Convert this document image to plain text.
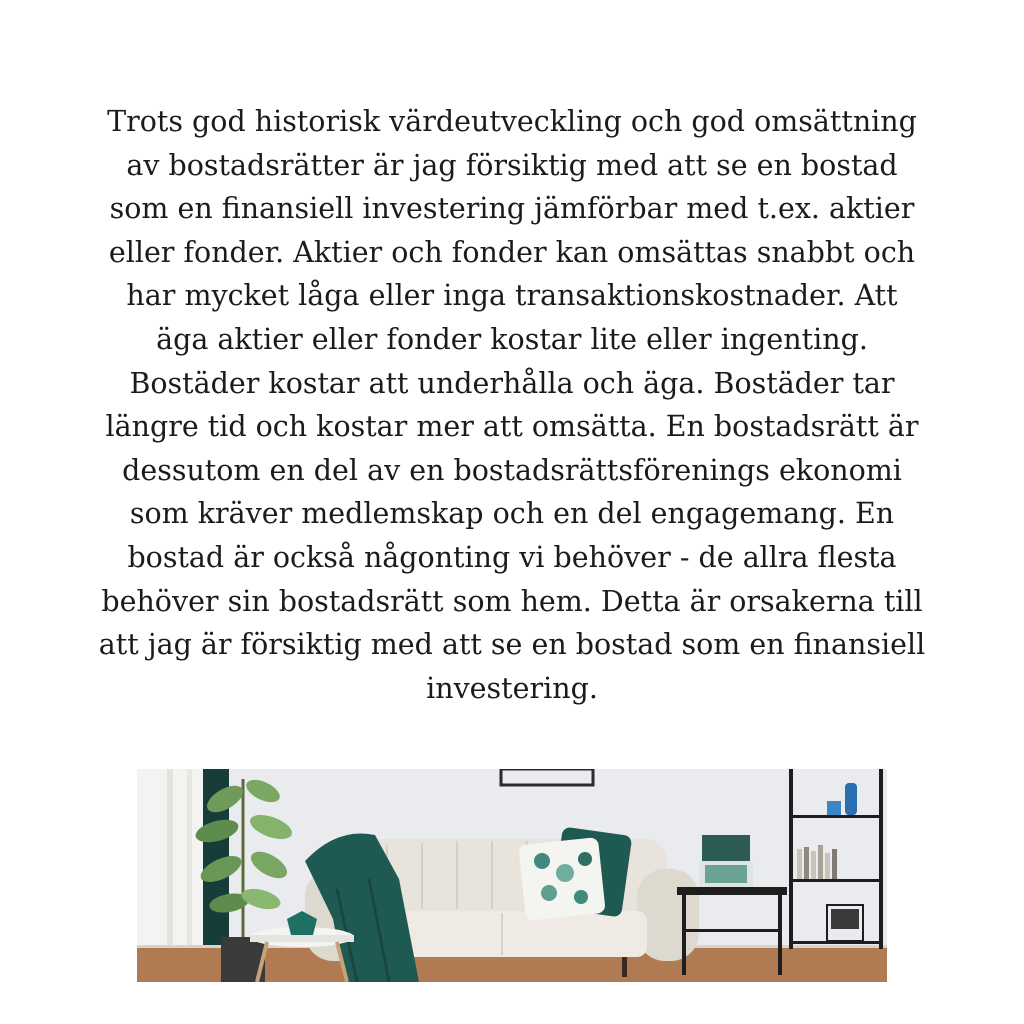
Trots god historisk värdeutveckling och god omsättning av bostadsrätter är jag försiktig med att se en bostad som en finansiell investering jämförbar med t.ex. aktier eller fonder. Aktier och fonder kan omsättas snabbt och har mycket låga eller inga transaktionskostnader. Att äga aktier eller fonder kostar lite eller ingenting. Bostäder kostar att underhålla och äga. Bostäder tar längre tid och kostar mer att omsätta. En bostadsrätt är dessutom en del av en bostadsrättsförenings ekonomi som kräver medlemskap och en del engagemang. En bostad är också någonting vi behöver - de allra flesta behöver sin bostadsrätt som hem. Detta är orsakerna till att jag är försiktig med att se en bostad som en finansiell investering.
